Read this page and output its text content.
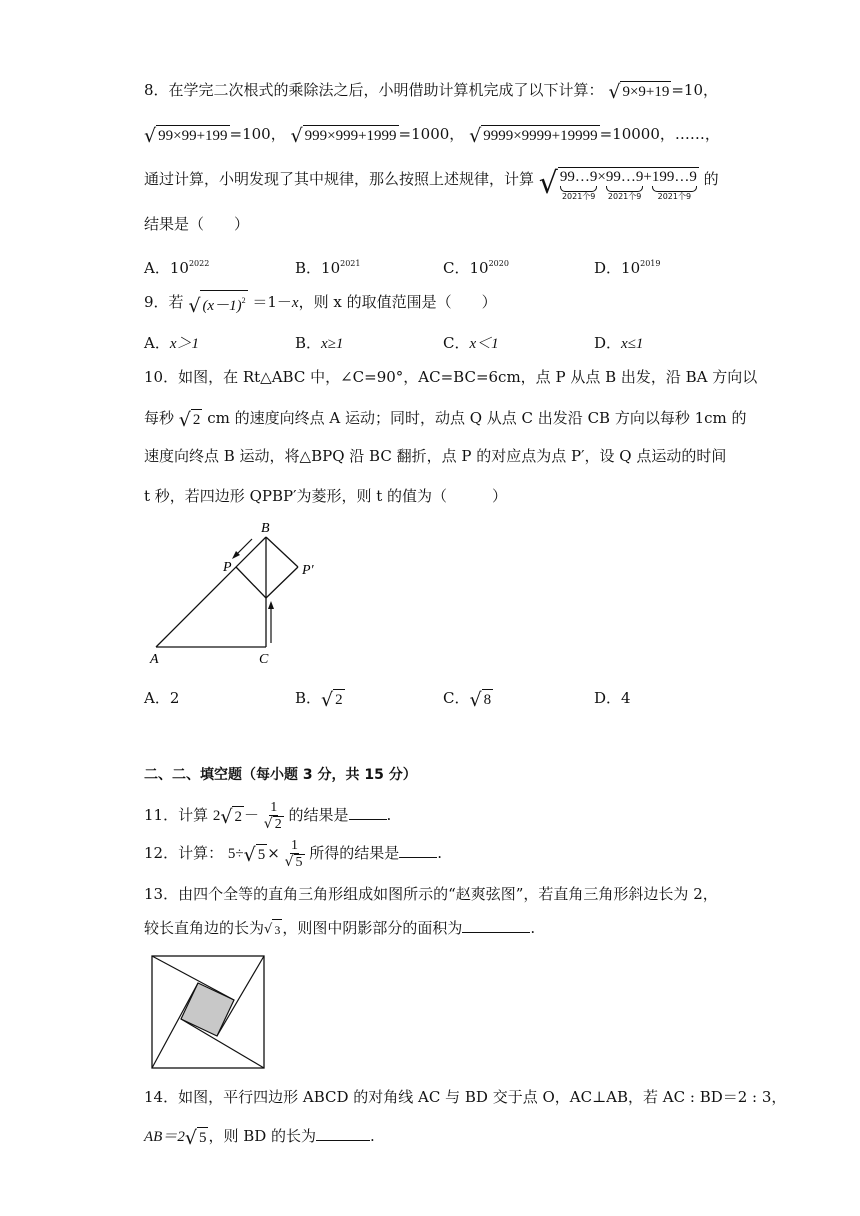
8．在学完二次根式的乘除法之后，小明借助计算机完成了以下计算： √ 9×9+19 =10，
√ 99×99+199 =100， √ 999×999+1999 =1000， √ 9999×9999+19999 =10000，……，
通过计算，小明发现了其中规律，那么按照上述规律，计算 √ 99…9
2021个9
× 99…9
2021个9
+ 199…9
2021个9
的
结果是（　　）
A．$10^{2022}$	B．$10^{2021}$	C．$10^{2020}$	D．$10^{2019}$
9．若 √ $(x-1)^2 =1-x$，则 x 的取值范围是（　　）
A．x＞1	B．x≥1	C．x＜1	D．x≤1
10．如图，在 Rt△ABC 中，∠C=90°，AC=BC=6cm，点 P 从点 B 出发，沿 BA 方向以
每秒 √ 2 cm 的速度向终点 A 运动；同时，动点 Q 从点 C 出发沿 CB 方向以每秒 1cm 的
速度向终点 B 运动，将△BPQ 沿 BC 翻折，点 P 的对应点为点 P′，设 Q 点运动的时间
t 秒，若四边形 QPBP′为菱形，则 t 的值为（　　　）
B
P	P′
A	C
A．2	B． √ 2	C． √ 8	D．4
二、二、填空题（每小题 3 分，共 15 分）
11．计算 2 √ $2 - \frac{1}{√ 2}$ 的结果是	.
12．计算： 5÷ √ $5 \times \frac{1}{√ 5}$ 所得的结果是	.
13．由四个全等的直角三角形组成如图所示的“赵爽弦图”，若直角三角形斜边长为 2，
较长直角边的长为 √ 3 ，则图中阴影部分的面积为	.
14．如图，平行四边形 ABCD 的对角线 AC 与 BD 交于点 O，AC⊥AB，若 AC : BD＝2 : 3，
AB＝2 √ 5 ，则 BD 的长为	.
